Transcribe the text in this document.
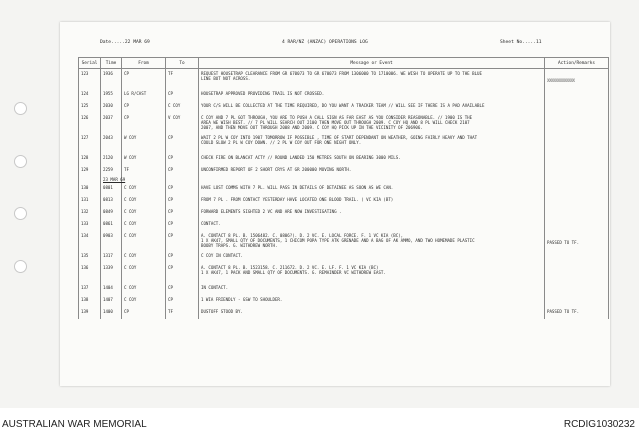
Date.....22 MAR 69	4 RAR/NZ (ANZAC) OPERATIONS LOG	Sheet No.....11
Serial	Time	From	To	Message or Event	Action/Remarks
123	1936	CP	TF	REQUEST HOUSETRAP CLEARANCE FROM GR 670073 TO GR 670073 FROM 1306000 TO 1710006. WE WISH TO OPERATE UP TO THE BLUE
LINE BUT NOT ACROSS.	XXXXXXXXXXXXXX
124	1955	LG R/CAST	CP	HOUSETRAP APPROVED PROVIDING TRAIL IS NOT CROSSED.	

125	2030	CP	C COY	YOUR C/S WILL BE COLLECTED AT THE TIME REQUIRED, DO YOU WANT A TRACKER TEAM // WILL SEE IF THERE IS A PAD AVAILABLE	

126	2037	CP	V COY	C COY AND 7 PL GOT THROUGH, YOU ARE TO PUSH A CALL SIGN AS FAR EAST AS YOU CONSIDER REASONABLE. // 1900 IS THE
AREA WE WISH BEST. // 7 PL WILL SEARCH OUT 2100 THEN MOVE OUT THROUGH 2009. C COY HQ AND 8 PL WILL CHECK 2107
2007, AND THEN MOVE OUT THROUGH 2008 AND 2009. C COY HQ PICK UP IN THE VICINITY OF 206906.	

127	2043	W COY	CP	WAIT 2 PL W COY INTO 1907 TOMORROW IF POSSIBLE , TIME OF START DEPENDANT ON WEATHER, GOING FAIRLY HEAVY AND THAT
COULD SLOW 2 PL W COY DOWN. // 2 PL W COY OUT FOR ONE NIGHT ONLY.	

128	2120	W COY	CP	CHECK FIRE ON BLANCAT ACTY // ROUND LANDED 150 METRES SOUTH ON BEARING 3000 MILS.	

129	2259	TF	CP	UNCONFIRMED REPORT OF 2 SHORT CRYS AT GR 200000 MOVING NORTH.	

	23 MAR 69				
130	0801	C COY	CP	HAVE LOST COMMS WITH 7 PL. WILL PASS IN DETAILS OF DETAINEE AS SOON AS WE CAN.	

131	0813	C COY	CP	FROM 7 PL . FROM CONTACT YESTERDAY HAVE LOCATED ONE BLOOD TRAIL. ( VC KIA (BT)	

132	0849	C COY	CP	FORWARD ELEMENTS SIGHTED 2 VC AND ARE NOW INVESTIGATING .	

133	0861	C COY	CP	CONTACT.	

134	0903	C COY	CP	A. CONTACT 8 PL. B. 1506482. C. 0806?). D. 2 VC. E. LOCAL FORCE. F. 1 VC KIA (BC),
1 X AK47, SMALL QTY OF DOCUMENTS, 1 CHICOM POPA TYPE ATK GRENADE AND A BAG OF AK AMMO, AND TWO HOMEMADE PLASTIC
BOOBY TRAPS. G. WITHDREW NORTH.	PASSED TO TF.
135	1317	C COY	CP	C COY IN CONTACT.	

136	1339	C COY	CP	A. CONTACT 8 PL. B. 1523158. C. 211672. D. 2 VC. E. LF. F. 1 VC KIA (BC)
1 X AK47, 1 PACK AND SMALL QTY OF DOCUMENTS. G. REMAINDER VC WITHDREW EAST.	

137	1404	C COY	CP	IN CONTACT.	

138	1407	C COY	CP	1 WIA FRIENDLY - GSW TO SHOULDER.	

139	1400	CP	TF	DUSTOFF STOOD BY.	PASSED TO TF.
AUSTRALIAN WAR MEMORIAL	RCDIG1030232
